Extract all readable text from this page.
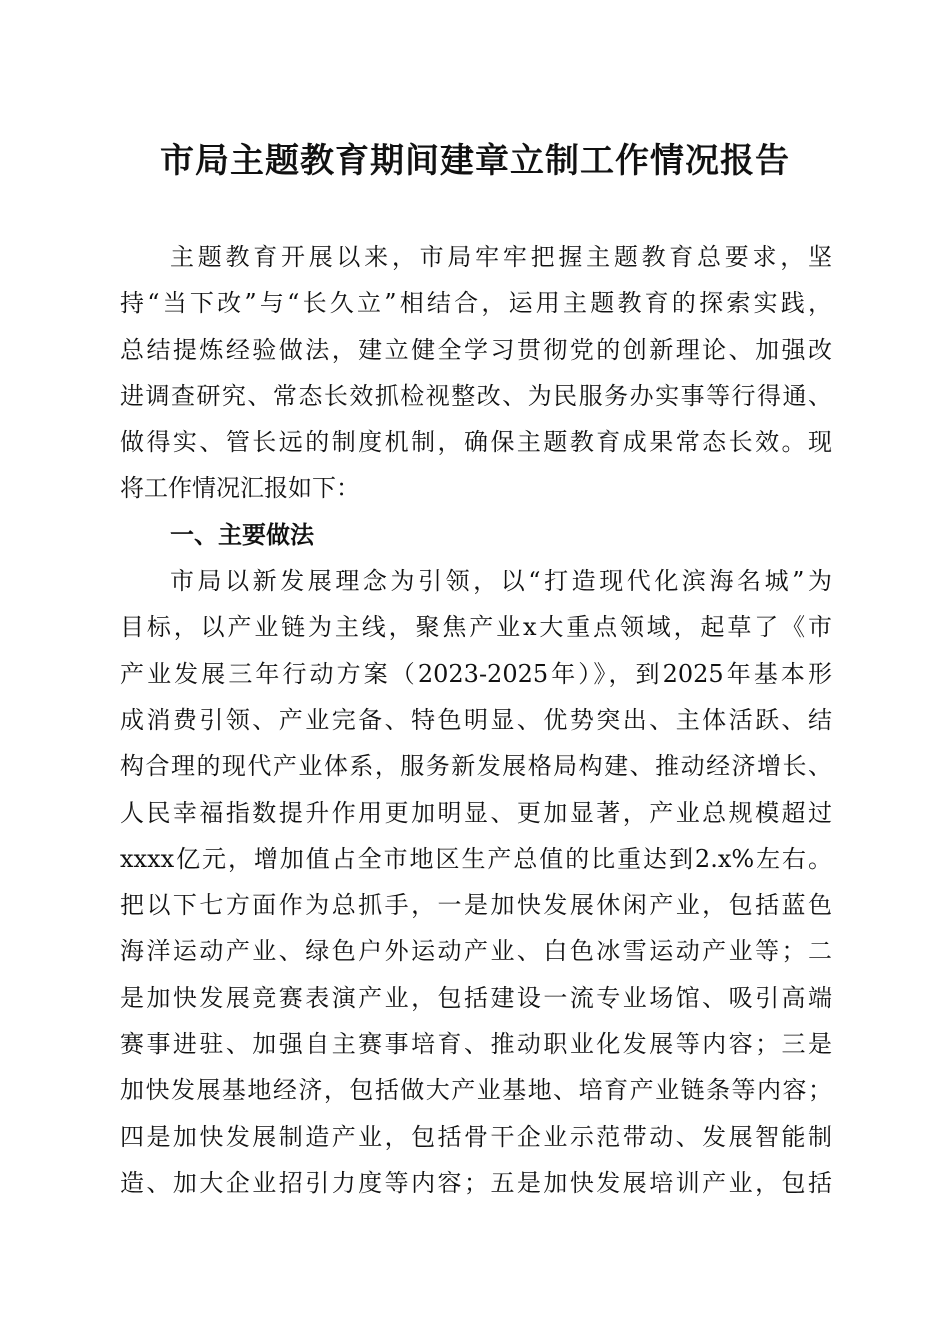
市局主题教育期间建章立制工作情况报告
主题教育开展以来，市局牢牢把握主题教育总要求，坚
持“当下改”与“长久立”相结合，运用主题教育的探索实践，
总结提炼经验做法，建立健全学习贯彻党的创新理论、加强改
进调查研究、常态长效抓检视整改、为民服务办实事等行得通、
做得实、管长远的制度机制，确保主题教育成果常态长效。现
将工作情况汇报如下：
一、主要做法
市局以新发展理念为引领，以“打造现代化滨海名城”为
目标，以产业链为主线，聚焦产业x大重点领域，起草了《市
产业发展三年行动方案（2023-2025年）》，到2025年基本形
成消费引领、产业完备、特色明显、优势突出、主体活跃、结
构合理的现代产业体系，服务新发展格局构建、推动经济增长、
人民幸福指数提升作用更加明显、更加显著，产业总规模超过
xxxx亿元，增加值占全市地区生产总值的比重达到2.x%左右。
把以下七方面作为总抓手，一是加快发展休闲产业，包括蓝色
海洋运动产业、绿色户外运动产业、白色冰雪运动产业等；二
是加快发展竞赛表演产业，包括建设一流专业场馆、吸引高端
赛事进驻、加强自主赛事培育、推动职业化发展等内容；三是
加快发展基地经济，包括做大产业基地、培育产业链条等内容；
四是加快发展制造产业，包括骨干企业示范带动、发展智能制
造、加大企业招引力度等内容；五是加快发展培训产业，包括
